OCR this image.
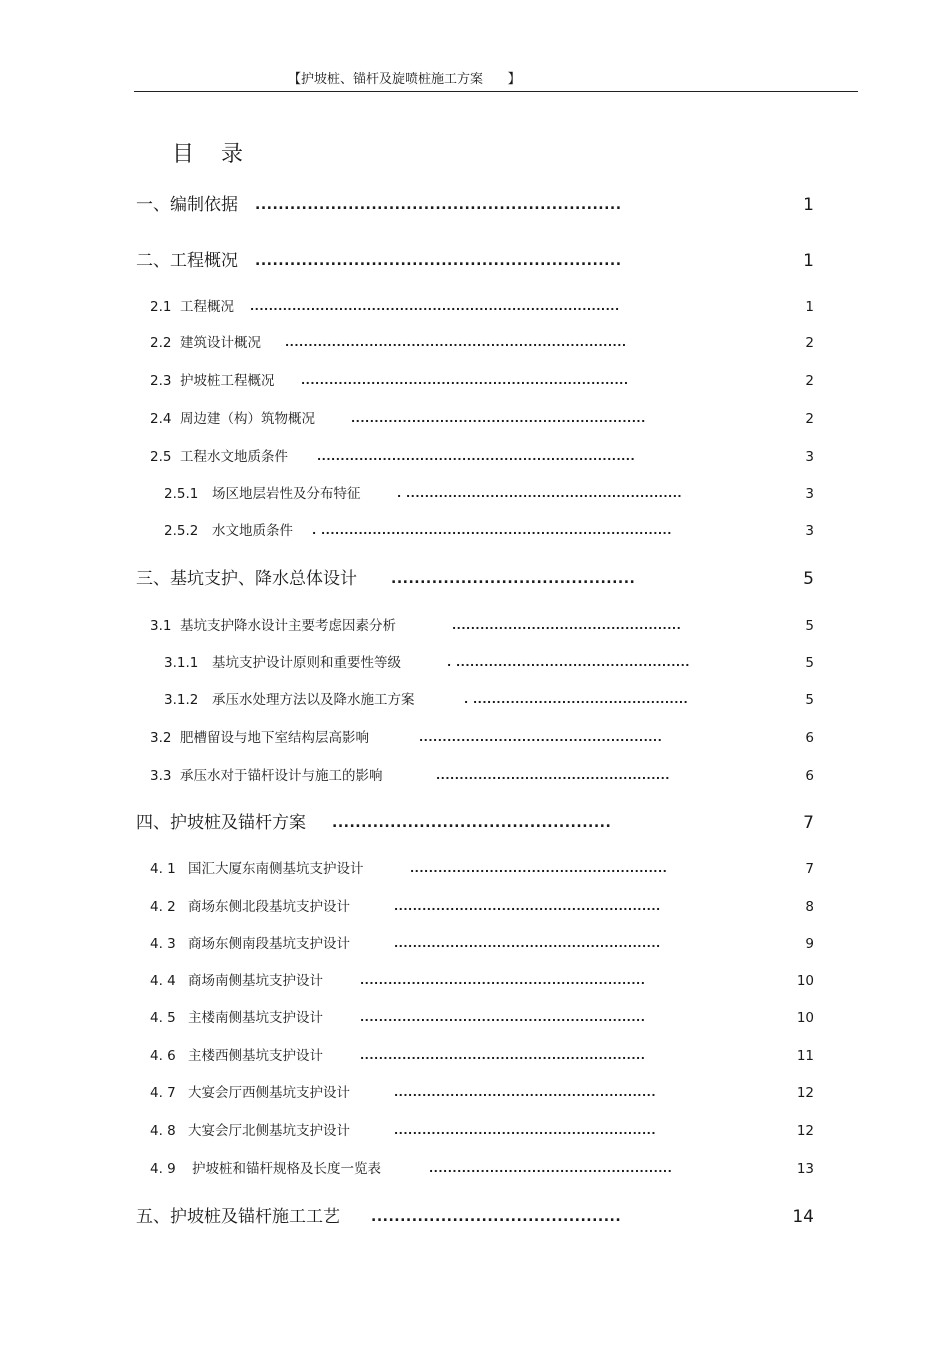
【护坡桩、锚杆及旋喷桩施工方案      】
目 录
一、编制依据 ...............................................................	1
二、工程概况 ...............................................................	1
2.1 工程概况 ...............................................................................	1
2.2 建筑设计概况 .........................................................................	2
2.3 护坡桩工程概况 ......................................................................	2
2.4 周边建（构）筑物概况	...............................................................	2
2.5 工程水文地质条件	....................................................................	3
2.5.1 场区地层岩性及分布特征	. ...........................................................	3
2.5.2 水文地质条件 . ...........................................................................	3
三、基坑支护、降水总体设计 ..........................................	5
3.1 基坑支护降水设计主要考虑因素分析	.................................................	5
3.1.1 基坑支护设计原则和重要性等级	. ..................................................	5
3.1.2 承压水处理方法以及降水施工方案	. ..............................................	5
3.2 肥槽留设与地下室结构层高影响	....................................................	6
3.3 承压水对于锚杆设计与施工的影响	..................................................	6
四、护坡桩及锚杆方案 ................................................	7
4. 1 国汇大厦东南侧基坑支护设计	.......................................................	7
4. 2 商场东侧北段基坑支护设计	.........................................................	8
4. 3 商场东侧南段基坑支护设计	.........................................................	9
4. 4 商场南侧基坑支护设计	.............................................................	10
4. 5 主楼南侧基坑支护设计	.............................................................	10
4. 6 主楼西侧基坑支护设计	.............................................................	11
4. 7 大宴会厅西侧基坑支护设计	........................................................	12
4. 8 大宴会厅北侧基坑支护设计	........................................................	12
4. 9 护坡桩和锚杆规格及长度一览表	....................................................	13
五、护坡桩及锚杆施工工艺 ...........................................	14
